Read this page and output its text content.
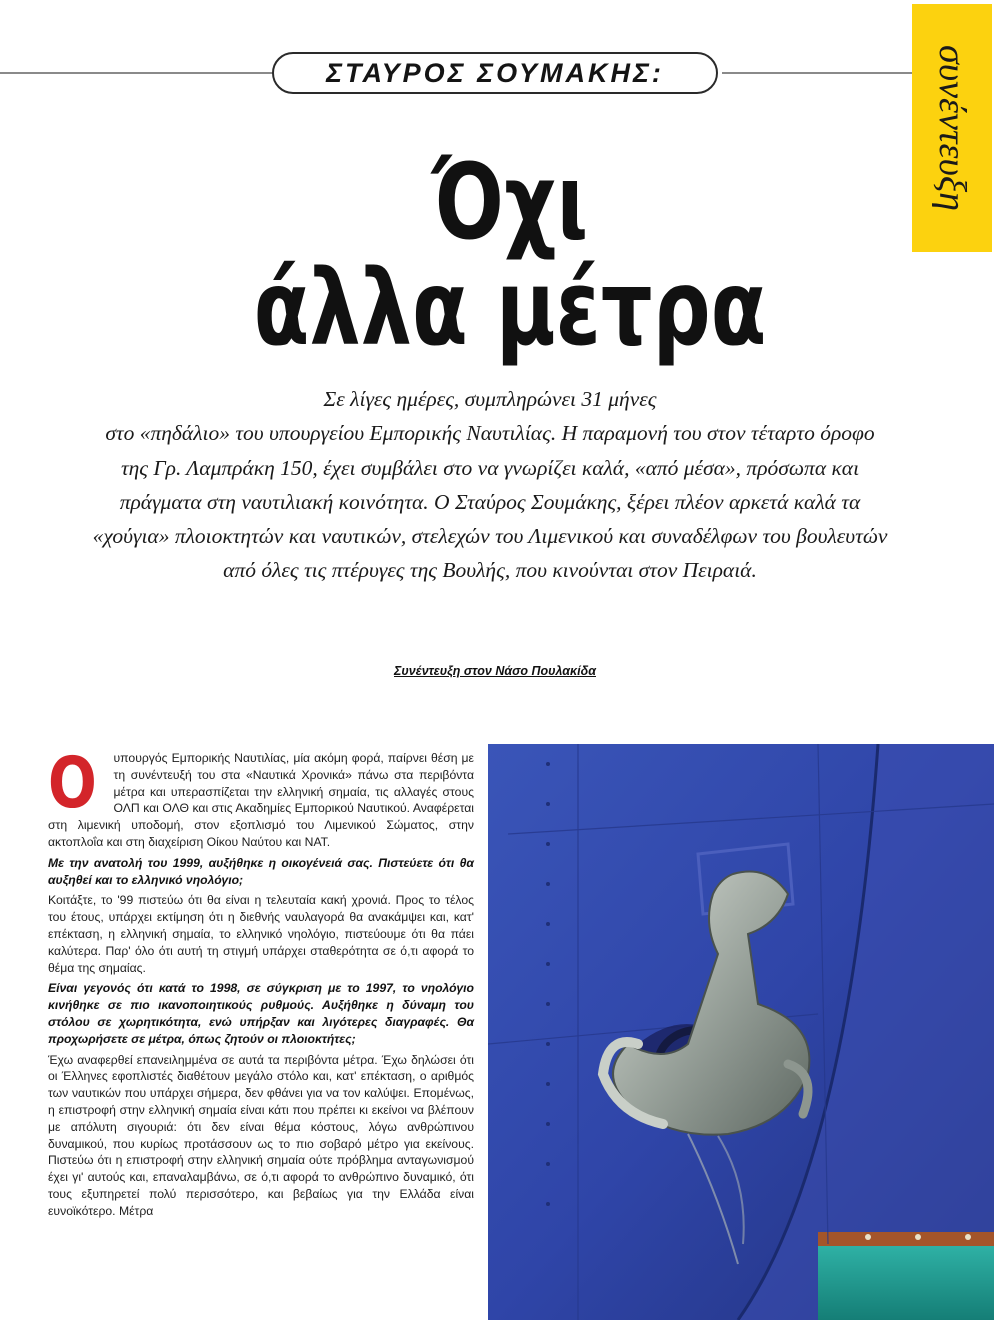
ΣΤΑΥΡΟΣ ΣΟΥΜΑΚΗΣ:	συνέντευξη
Όχι
άλλα μέτρα
Σε λίγες ημέρες, συμπληρώνει 31 μήνες
στο «πηδάλιο» του υπουργείου Εμπορικής Ναυτιλίας. Η παραμονή του στον τέταρτο όροφο
της Γρ. Λαμπράκη 150, έχει συμβάλει στο να γνωρίζει καλά, «από μέσα», πρόσωπα και
πράγματα στη ναυτιλιακή κοινότητα. Ο Σταύρος Σουμάκης, ξέρει πλέον αρκετά καλά τα
«χούγια» πλοιοκτητών και ναυτικών, στελεχών του Λιμενικού και συναδέλφων του βουλευτών
από όλες τις πτέρυγες της Βουλής, που κινούνται στον Πειραιά.
Συνέντευξη στον Νάσο Πουλακίδα
Ο	υπουργός Εμπορικής Ναυτιλίας, μία ακόμη φορά, παίρνει θέση με τη συνέντευξή του στα «Ναυτικά Χρονικά» πάνω στα περιβόντα μέτρα και υπερασπίζεται την ελληνική σημαία, τις αλλαγές στους ΟΛΠ και ΟΛΘ και στις Ακαδημίες Εμπορικού Ναυτικού. Αναφέρεται στη λιμενική υποδομή, στον εξοπλισμό του Λιμενικού Σώματος, στην ακτοπλοΐα και στη διαχείριση Οίκου Ναύτου και ΝΑΤ.

Με την ανατολή του 1999, αυξήθηκε η οικογένειά σας. Πιστεύετε ότι θα αυξηθεί και το ελληνικό νηολόγιο;

Κοιτάξτε, το '99 πιστεύω ότι θα είναι η τελευταία κακή χρονιά. Προς το τέλος του έτους, υπάρχει εκτίμηση ότι η διεθνής ναυλαγορά θα ανακάμψει και, κατ' επέκταση, η ελληνική σημαία, το ελληνικό νηολόγιο, πιστεύουμε ότι θα πάει καλύτερα. Παρ' όλο ότι αυτή τη στιγμή υπάρχει σταθερότητα σε ό,τι αφορά το θέμα της σημαίας.

Είναι γεγονός ότι κατά το 1998, σε σύγκριση με το 1997, το νηολόγιο κινήθηκε σε πιο ικανοποιητικούς ρυθμούς. Αυξήθηκε η δύναμη του στόλου σε χωρητικότητα, ενώ υπήρξαν και λιγότερες διαγραφές. Θα προχωρήσετε σε μέτρα, όπως ζητούν οι πλοιοκτήτες;

Έχω αναφερθεί επανειλημμένα σε αυτά τα περιβόντα μέτρα. Έχω δηλώσει ότι οι Έλληνες εφοπλιστές διαθέτουν μεγάλο στόλο και, κατ' επέκταση, ο αριθμός των ναυτικών που υπάρχει σήμερα, δεν φθάνει για να τον καλύψει. Επομένως, η επιστροφή στην ελληνική σημαία είναι κάτι που πρέπει κι εκείνοι να βλέπουν με απόλυτη σιγουριά: ότι δεν είναι θέμα κόστους, λόγω ανθρώπινου δυναμικού, που κυρίως προτάσσουν ως το πιο σοβαρό μέτρο για εκείνους. Πιστεύω ότι η επιστροφή στην ελληνική σημαία ούτε πρόβλημα ανταγωνισμού έχει γι' αυτούς και, επαναλαμβάνω, σε ό,τι αφορά το ανθρώπινο δυναμικό, ότι τους εξυπηρετεί πολύ περισσότερο, και βεβαίως για την Ελλάδα είναι ευνοϊκότερο. Μέτρα
